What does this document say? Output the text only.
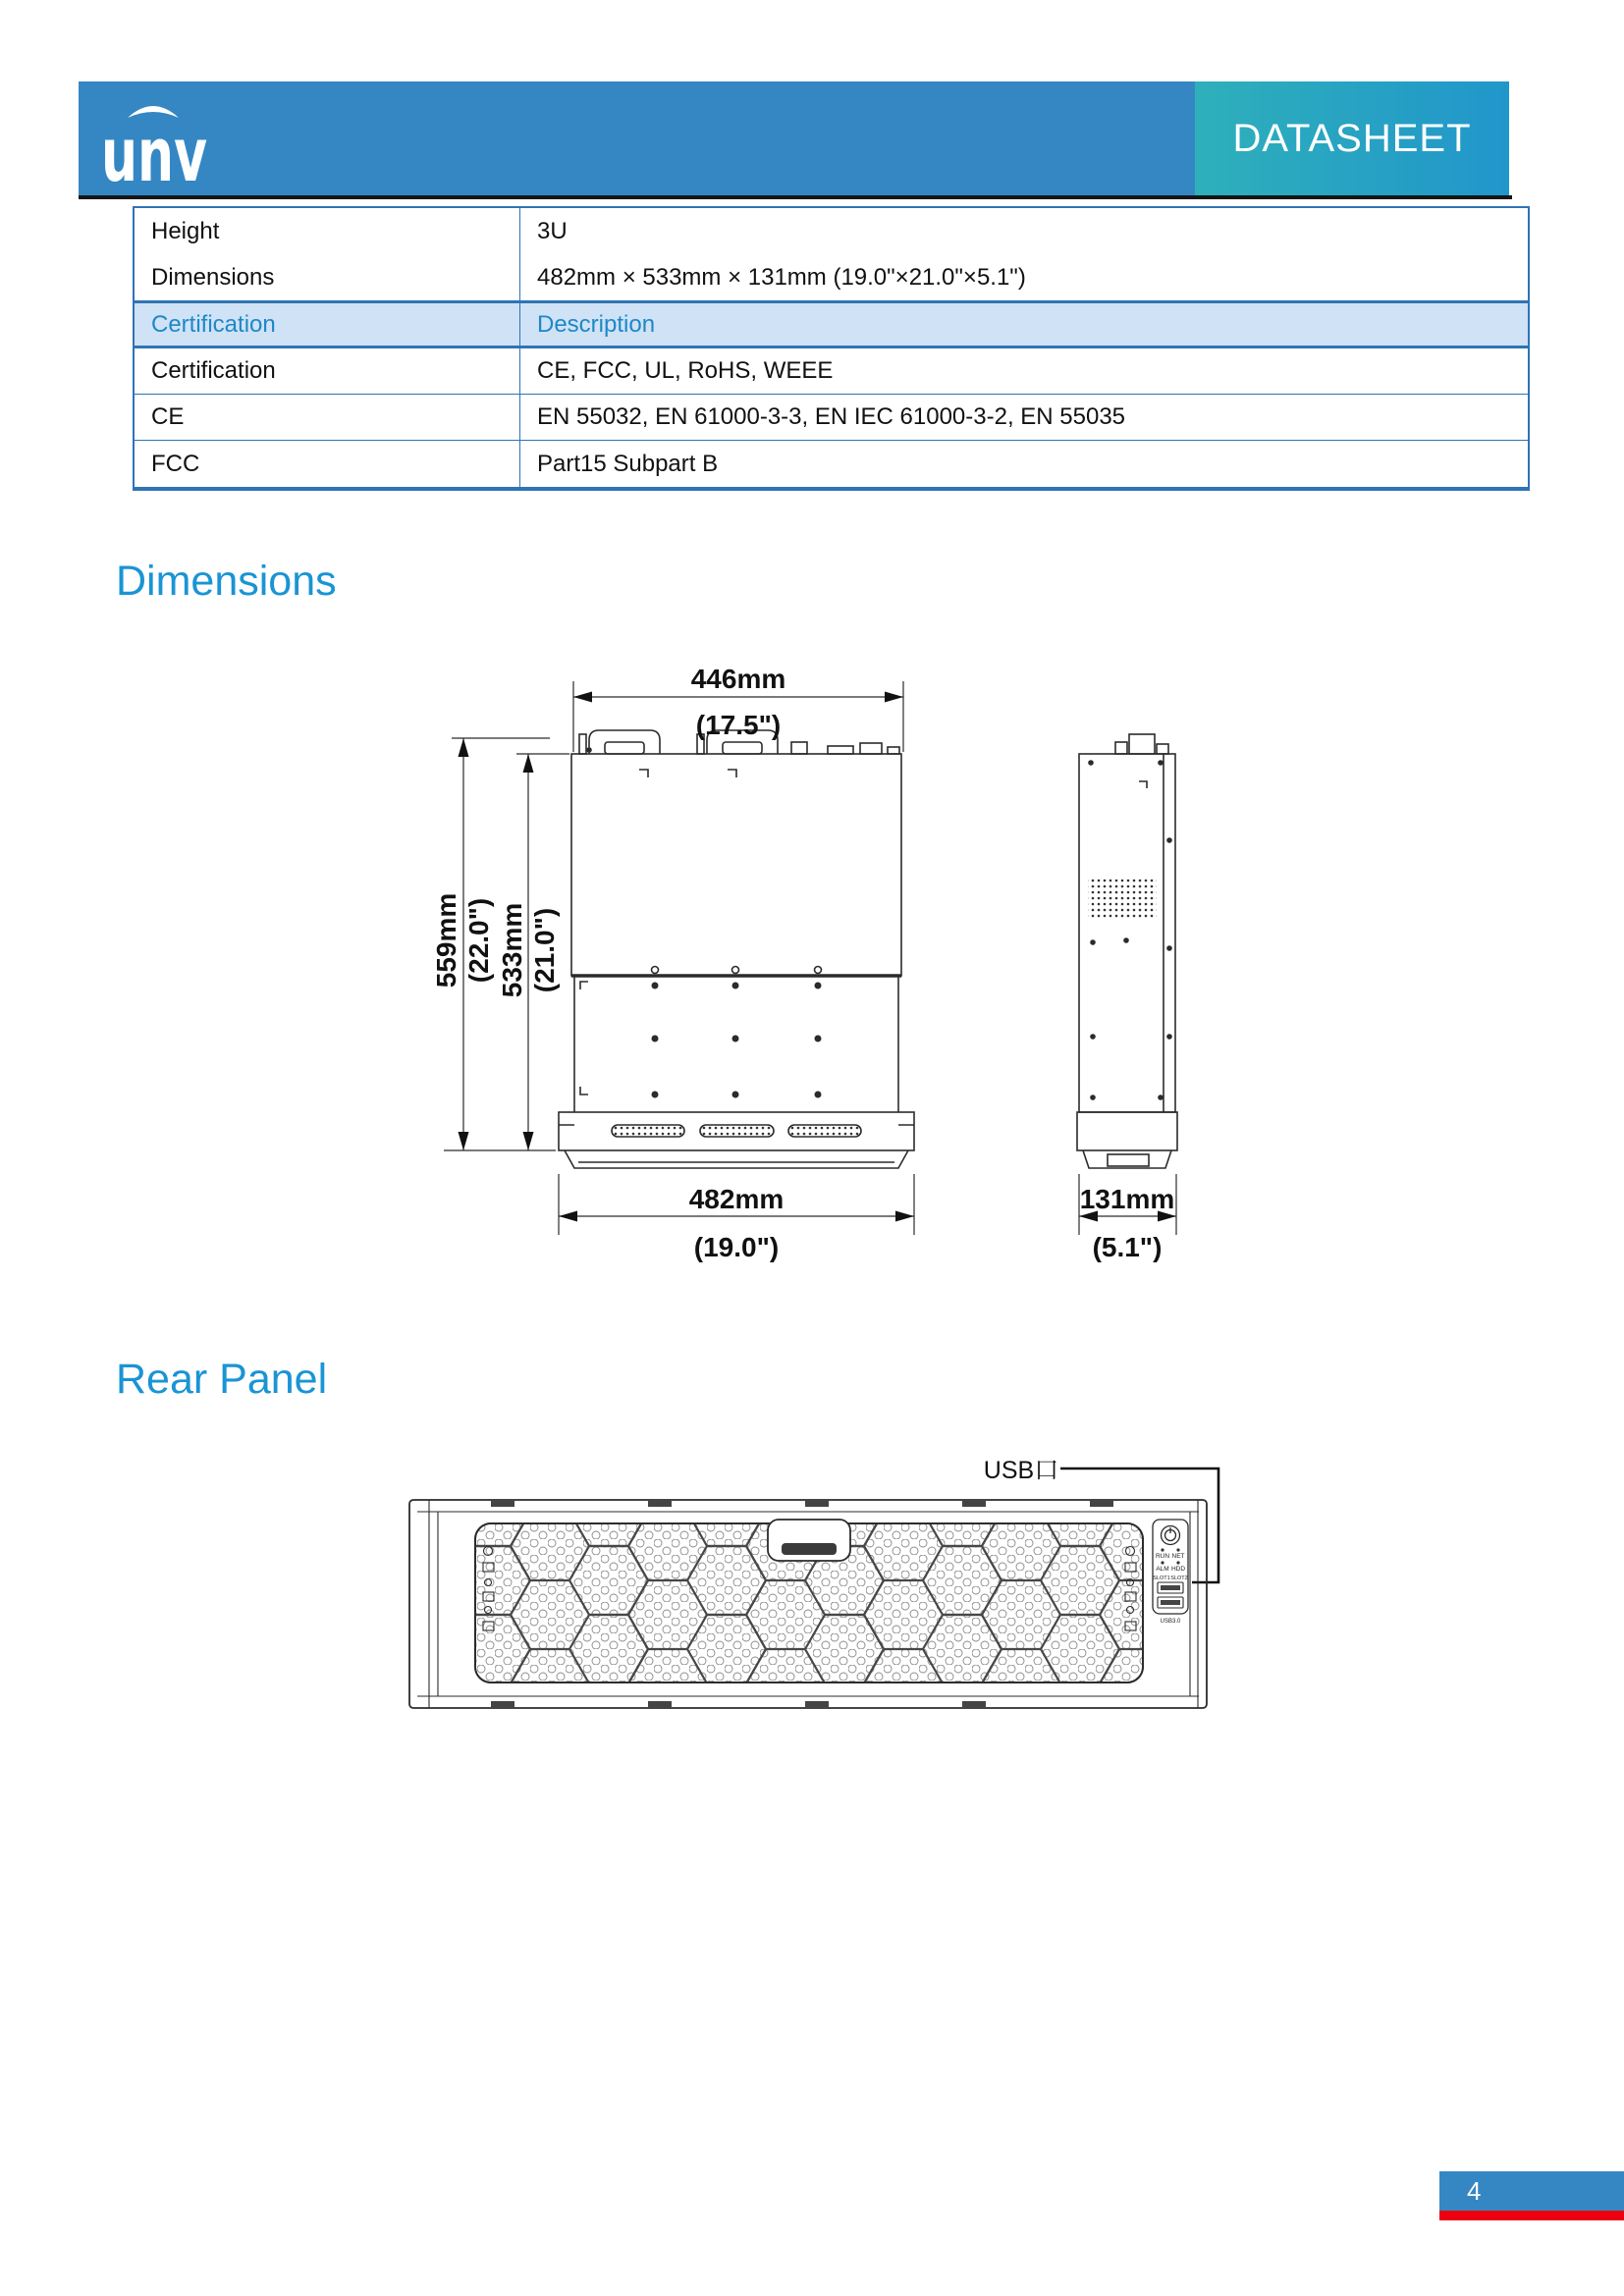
unv	DATASHEET
Height	3U
Dimensions	482mm × 533mm × 131mm (19.0"×21.0"×5.1")
Certification	Description
Certification	CE, FCC, UL, RoHS, WEEE
CE	EN 55032, EN 61000-3-3, EN IEC 61000-3-2, EN 55035
FCC	Part15 Subpart B
Dimensions
446mm
(17.5")
559mm (22.0") 533mm (21.0")
482mm
(19.0")
131mm
(5.1")
Rear Panel
USB口
RUN NET
ALM HDD
SLOT1 SLOT2
USB3.0
4
